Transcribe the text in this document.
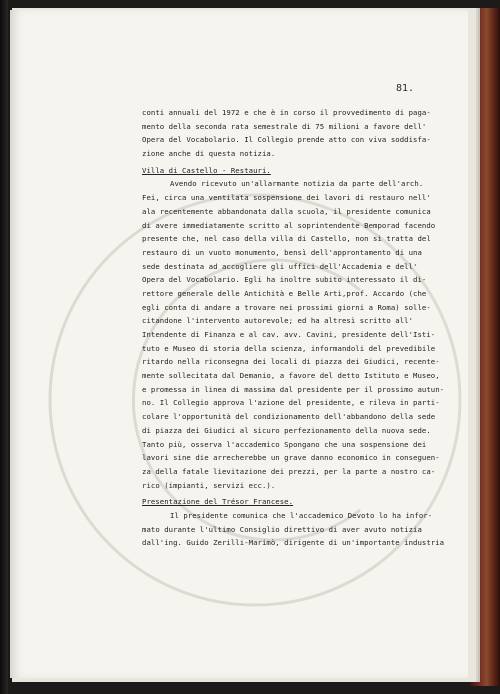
81.
conti annuali del 1972 e che è in corso il provvedimento di paga-
mento della seconda rata semestrale di 75 milioni a favore dell'
Opera del Vocabolario. Il Collegio prende atto con viva soddisfa-
zione anche di questa notizia.
Villa di Castello - Restauri.
Avendo ricevuto un'allarmante notizia da parte dell'arch.
Fei, circa una ventilata sospensione dei lavori di restauro nell'
ala recentemente abbandonata dalla scuola, il presidente comunica
di avere immediatamente scritto al soprintendente Bemporad facendo
presente che, nel caso della villa di Castello, non si tratta del
restauro di un vuoto monumento, bensì dell'approntamento di una
sede destinata ad accogliere gli uffici dell'Accademia e dell'
Opera del Vocabolario. Egli ha inoltre subito interessato il di-
rettore generale delle Antichità e Belle Arti,prof. Accardo (che
egli conta di andare a trovare nei prossimi giorni a Roma) solle-
citandone l'intervento autorevole; ed ha altresì scritto all'
Intendente di Finanza e al cav. avv. Cavini, presidente dell'Isti-
tuto e Museo di storia della scienza, informandoli del prevedibile
ritardo nella riconsegna dei locali di piazza dei Giudici, recente-
mente sollecitata dal Demanio, a favore del detto Istituto e Museo,
e promessa in linea di massima dal presidente per il prossimo autun-
no. Il Collegio approva l'azione del presidente, e rileva in parti-
colare l'opportunità del condizionamento dell'abbandono della sede
di piazza dei Giudici al sicuro perfezionamento della nuova sede.
Tanto più, osserva l'accademico Spongano che una sospensione dei
lavori sine die arrecherebbe un grave danno economico in conseguen-
za della fatale lievitazione dei prezzi, per la parte a nostro ca-
rico (impianti, servizi ecc.).
Presentazione del Trésor Francese.
Il presidente comunica che l'accademico Devoto lo ha infor-
mato durante l'ultimo Consiglio direttivo di aver avuto notizia
dall'ing. Guido Zerilli-Marimò, dirigente di un'importante industria
